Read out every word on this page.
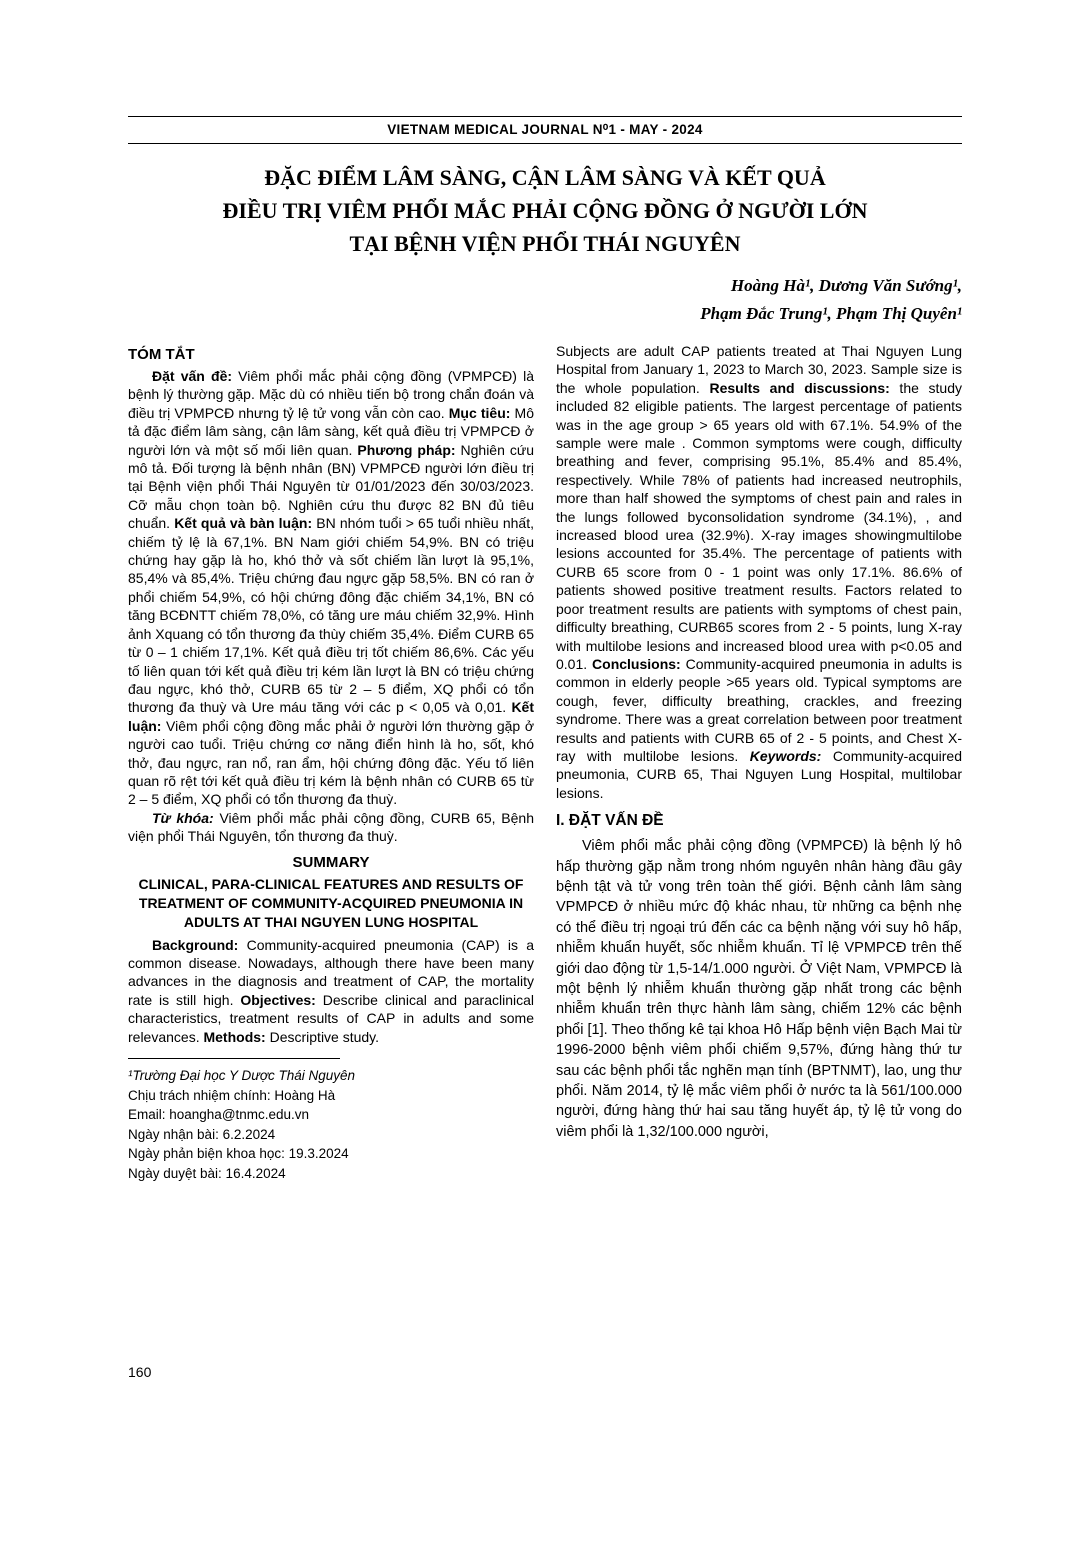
VIETNAM MEDICAL JOURNAL N⁰1 - MAY - 2024
ĐẶC ĐIỂM LÂM SÀNG, CẬN LÂM SÀNG VÀ KẾT QUẢ
ĐIỀU TRỊ VIÊM PHỔI MẮC PHẢI CỘNG ĐỒNG Ở NGƯỜI LỚN
TẠI BỆNH VIỆN PHỔI THÁI NGUYÊN
Hoàng Hà¹, Dương Văn Sướng¹,
Phạm Đắc Trung¹, Phạm Thị Quyên¹
TÓM TẮT

Đặt vấn đề: Viêm phổi mắc phải cộng đồng (VPMPCĐ) là bệnh lý thường gặp. Mặc dù có nhiều tiến bộ trong chẩn đoán và điều trị VPMPCĐ nhưng tỷ lệ tử vong vẫn còn cao. Mục tiêu: Mô tả đặc điểm lâm sàng, cận lâm sàng, kết quả điều trị VPMPCĐ ở người lớn và một số mối liên quan. Phương pháp: Nghiên cứu mô tả. Đối tượng là bệnh nhân (BN) VPMPCĐ người lớn điều trị tại Bệnh viện phổi Thái Nguyên từ 01/01/2023 đến 30/03/2023. Cỡ mẫu chọn toàn bộ. Nghiên cứu thu được 82 BN đủ tiêu chuẩn. Kết quả và bàn luận: BN nhóm tuổi > 65 tuổi nhiều nhất, chiếm tỷ lệ là 67,1%. BN Nam giới chiếm 54,9%. BN có triệu chứng hay gặp là ho, khó thở và sốt chiếm lần lượt là 95,1%, 85,4% và 85,4%. Triệu chứng đau ngực gặp 58,5%. BN có ran ở phổi chiếm 54,9%, có hội chứng đông đặc chiếm 34,1%, BN có tăng BCĐNTT chiếm 78,0%, có tăng ure máu chiếm 32,9%. Hình ảnh Xquang có tổn thương đa thùy chiếm 35,4%. Điểm CURB 65 từ 0 – 1 chiếm 17,1%. Kết quả điều trị tốt chiếm 86,6%. Các yếu tố liên quan tới kết quả điều trị kém lần lượt là BN có triệu chứng đau ngực, khó thở, CURB 65 từ 2 – 5 điểm, XQ phổi có tổn thương đa thuỳ và Ure máu tăng với các p < 0,05 và 0,01. Kết luận: Viêm phổi cộng đồng mắc phải ở người lớn thường gặp ở người cao tuổi. Triệu chứng cơ năng điển hình là ho, sốt, khó thở, đau ngực, ran nổ, ran ẩm, hội chứng đông đặc. Yếu tố liên quan rõ rệt tới kết quả điều trị kém là bệnh nhân có CURB 65 từ 2 – 5 điểm, XQ phổi có tổn thương đa thuỳ.

Từ khóa: Viêm phổi mắc phải cộng đồng, CURB 65, Bệnh viện phổi Thái Nguyên, tổn thương đa thuỳ.

SUMMARY
CLINICAL, PARA-CLINICAL FEATURES AND RESULTS OF TREATMENT OF COMMUNITY-ACQUIRED PNEUMONIA IN ADULTS AT THAI NGUYEN LUNG HOSPITAL

Background: Community-acquired pneumonia (CAP) is a common disease. Nowadays, although there have been many advances in the diagnosis and treatment of CAP, the mortality rate is still high. Objectives: Describe clinical and paraclinical characteristics, treatment results of CAP in adults and some relevances. Methods: Descriptive study.

¹Trường Đại học Y Dược Thái Nguyên
Chịu trách nhiệm chính: Hoàng Hà
Email: hoangha@tnmc.edu.vn
Ngày nhận bài: 6.2.2024
Ngày phản biện khoa học: 19.3.2024
Ngày duyệt bài: 16.4.2024

Subjects are adult CAP patients treated at Thai Nguyen Lung Hospital from January 1, 2023 to March 30, 2023. Sample size is the whole population. Results and discussions: the study included 82 eligible patients. The largest percentage of patients was in the age group > 65 years old with 67.1%. 54.9% of the sample were male . Common symptoms were cough, difficulty breathing and fever, comprising 95.1%, 85.4% and 85.4%, respectively. While 78% of patients had increased neutrophils, more than half showed the symptoms of chest pain and rales in the lungs followed byconsolidation syndrome (34.1%), , and increased blood urea (32.9%). X-ray images showingmultilobe lesions accounted for 35.4%. The percentage of patients with CURB 65 score from 0 - 1 point was only 17.1%. 86.6% of patients showed positive treatment results. Factors related to poor treatment results are patients with symptoms of chest pain, difficulty breathing, CURB65 scores from 2 - 5 points, lung X-ray with multilobe lesions and increased blood urea with p<0.05 and 0.01. Conclusions: Community-acquired pneumonia in adults is common in elderly people >65 years old. Typical symptoms are cough, fever, difficulty breathing, crackles, and freezing syndrome. There was a great correlation between poor treatment results and patients with CURB 65 of 2 - 5 points, and Chest X-ray with multilobe lesions. Keywords: Community-acquired pneumonia, CURB 65, Thai Nguyen Lung Hospital, multilobar lesions.

I. ĐẶT VẤN ĐỀ

Viêm phổi mắc phải cộng đồng (VPMPCĐ) là bệnh lý hô hấp thường gặp nằm trong nhóm nguyên nhân hàng đầu gây bệnh tật và tử vong trên toàn thế giới. Bệnh cảnh lâm sàng VPMPCĐ ở nhiều mức độ khác nhau, từ những ca bệnh nhẹ có thể điều trị ngoại trú đến các ca bệnh nặng với suy hô hấp, nhiễm khuẩn huyết, sốc nhiễm khuẩn. Tỉ lệ VPMPCĐ trên thế giới dao động từ 1,5-14/1.000 người. Ở Việt Nam, VPMPCĐ là một bệnh lý nhiễm khuẩn thường gặp nhất trong các bệnh nhiễm khuẩn trên thực hành lâm sàng, chiếm 12% các bệnh phổi [1]. Theo thống kê tại khoa Hô Hấp bệnh viện Bạch Mai từ 1996-2000 bệnh viêm phổi chiếm 9,57%, đứng hàng thứ tư sau các bệnh phổi tắc nghẽn mạn tính (BPTNMT), lao, ung thư phổi. Năm 2014, tỷ lệ mắc viêm phổi ở nước ta là 561/100.000 người, đứng hàng thứ hai sau tăng huyết áp, tỷ lệ tử vong do viêm phổi là 1,32/100.000 người,

160
